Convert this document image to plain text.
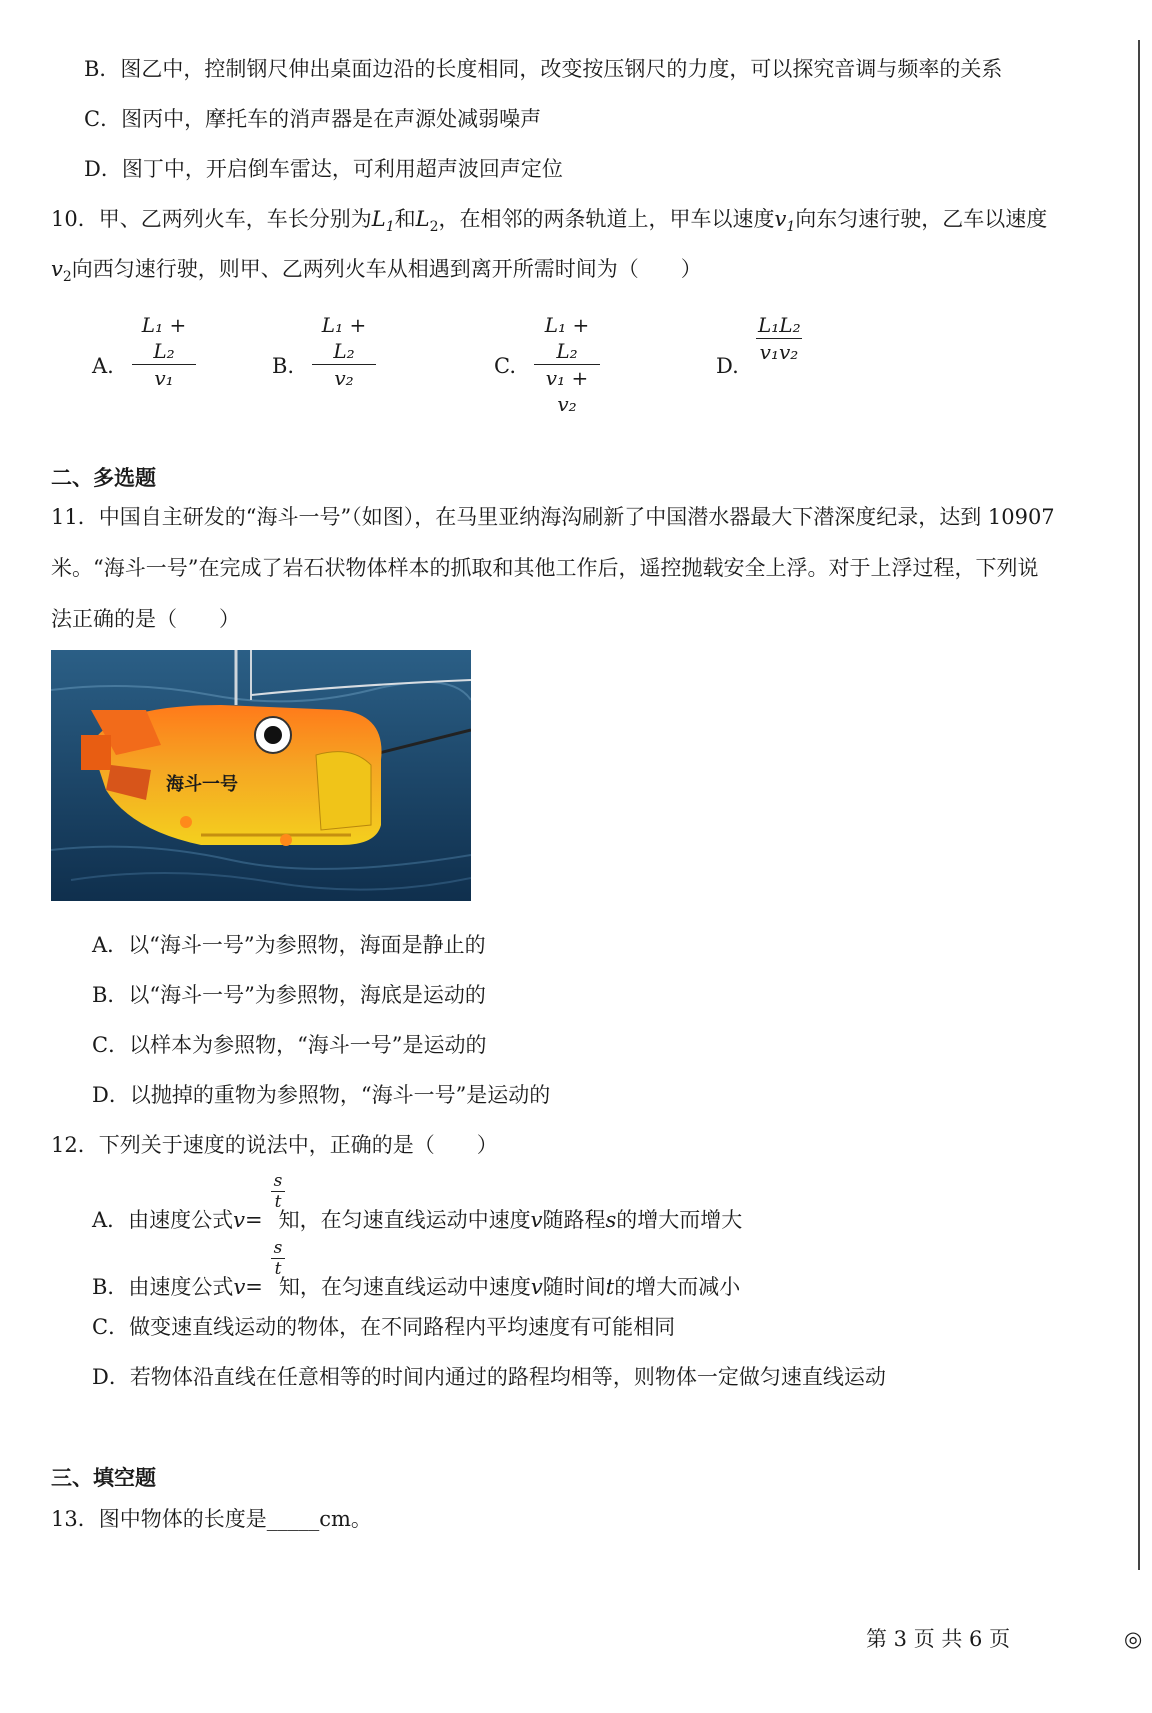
B．图乙中，控制钢尺伸出桌面边沿的长度相同，改变按压钢尺的力度，可以探究音调与频率的关系
C．图丙中，摩托车的消声器是在声源处减弱噪声
D．图丁中，开启倒车雷达，可利用超声波回声定位
10．甲、乙两列火车，车长分别为$L_1$和$L_2$，在相邻的两条轨道上，甲车以速度$v_1$向东匀速行驶，乙车以速度
$v_2$向西匀速行驶，则甲、乙两列火车从相遇到离开所需时间为（　　）
A. $\frac{\text{L₁ + L₂}}{\text{v₁}}$	B. $\frac{\text{L₁ + L₂}}{\text{v₂}}$	C. $\frac{\text{L₁ + L₂}}{\text{v₁ + v₂}}$	D.
$\frac{\text{L₁L₂}}{\text{v₁v₂}}$
二、多选题
11．中国自主研发的“海斗一号”（如图），在马里亚纳海沟刷新了中国潜水器最大下潜深度纪录，达到 10907
米。“海斗一号”在完成了岩石状物体样本的抓取和其他工作后，遥控抛载安全上浮。对于上浮过程，下列说
法正确的是（　　）
海斗一号
A．以“海斗一号”为参照物，海面是静止的
B．以“海斗一号”为参照物，海底是运动的
C．以样本为参照物，“海斗一号”是运动的
D．以抛掉的重物为参照物，“海斗一号”是运动的
12．下列关于速度的说法中，正确的是（　　）
A．由速度公式v= 知，在匀速直线运动中速度v随路程s的增大而增大
$\frac{s}{t}$
B．由速度公式v= 知，在匀速直线运动中速度v随时间t的增大而减小
$\frac{s}{t}$
C．做变速直线运动的物体，在不同路程内平均速度有可能相同
D．若物体沿直线在任意相等的时间内通过的路程均相等，则物体一定做匀速直线运动
三、填空题
13．图中物体的长度是_____cm。
第 3 页 共 6 页	◎
